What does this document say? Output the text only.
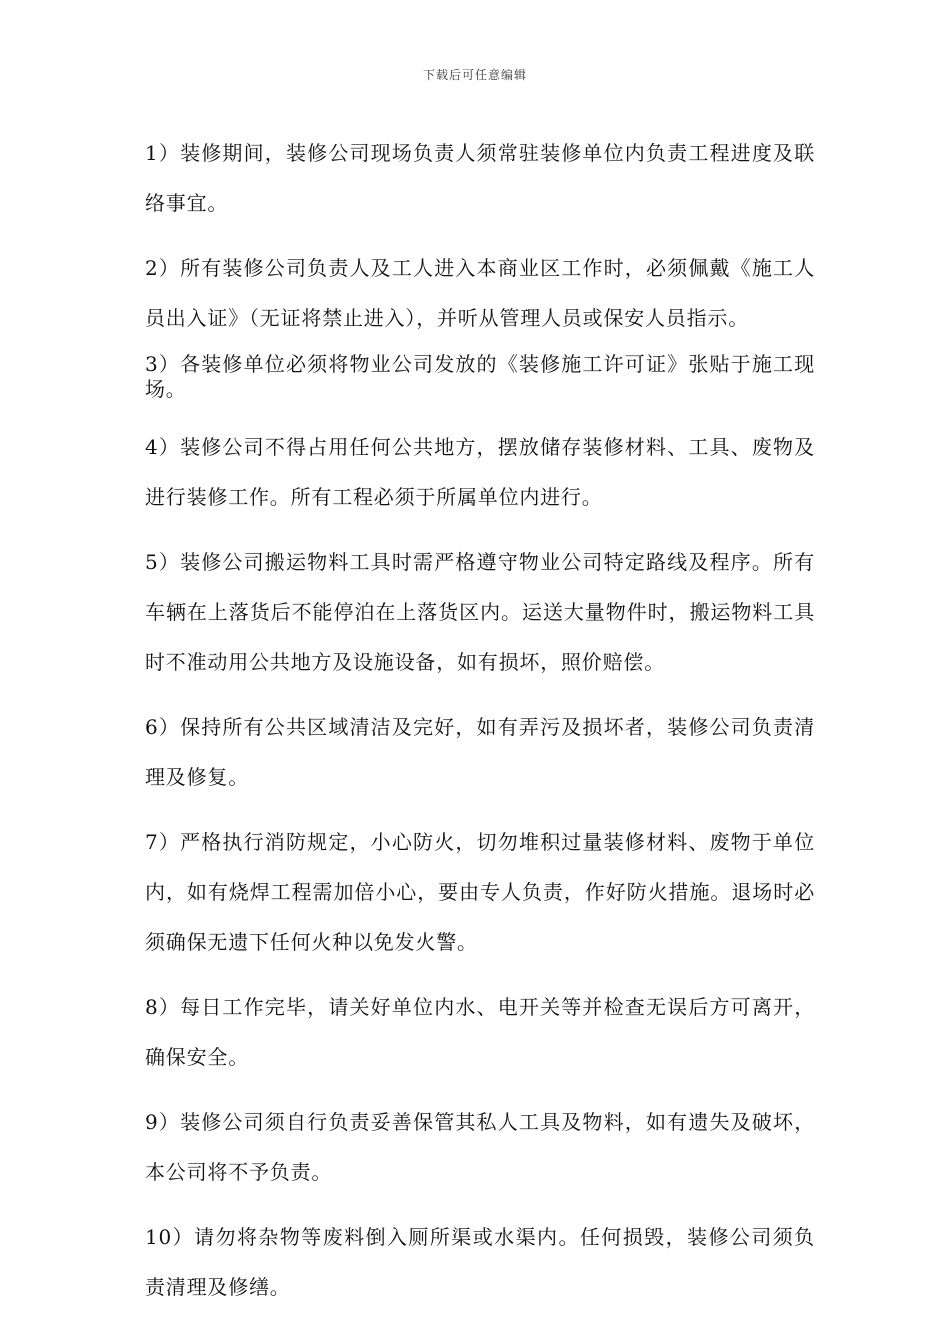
下载后可任意编辑

1）装修期间，装修公司现场负责人须常驻装修单位内负责工程进度及联络事宜。

2）所有装修公司负责人及工人进入本商业区工作时，必须佩戴《施工人员出入证》（无证将禁止进入），并听从管理人员或保安人员指示。

3）各装修单位必须将物业公司发放的《装修施工许可证》张贴于施工现场。

4）装修公司不得占用任何公共地方，摆放储存装修材料、工具、废物及进行装修工作。所有工程必须于所属单位内进行。

5）装修公司搬运物料工具时需严格遵守物业公司特定路线及程序。所有车辆在上落货后不能停泊在上落货区内。运送大量物件时，搬运物料工具时不准动用公共地方及设施设备，如有损坏，照价赔偿。

6）保持所有公共区域清洁及完好，如有弄污及损坏者，装修公司负责清理及修复。

7）严格执行消防规定，小心防火，切勿堆积过量装修材料、废物于单位内，如有烧焊工程需加倍小心，要由专人负责，作好防火措施。退场时必须确保无遗下任何火种以免发火警。

8）每日工作完毕，请关好单位内水、电开关等并检查无误后方可离开，确保安全。

9）装修公司须自行负责妥善保管其私人工具及物料，如有遗失及破坏，本公司将不予负责。

10）请勿将杂物等废料倒入厕所渠或水渠内。任何损毁，装修公司须负责清理及修缮。
